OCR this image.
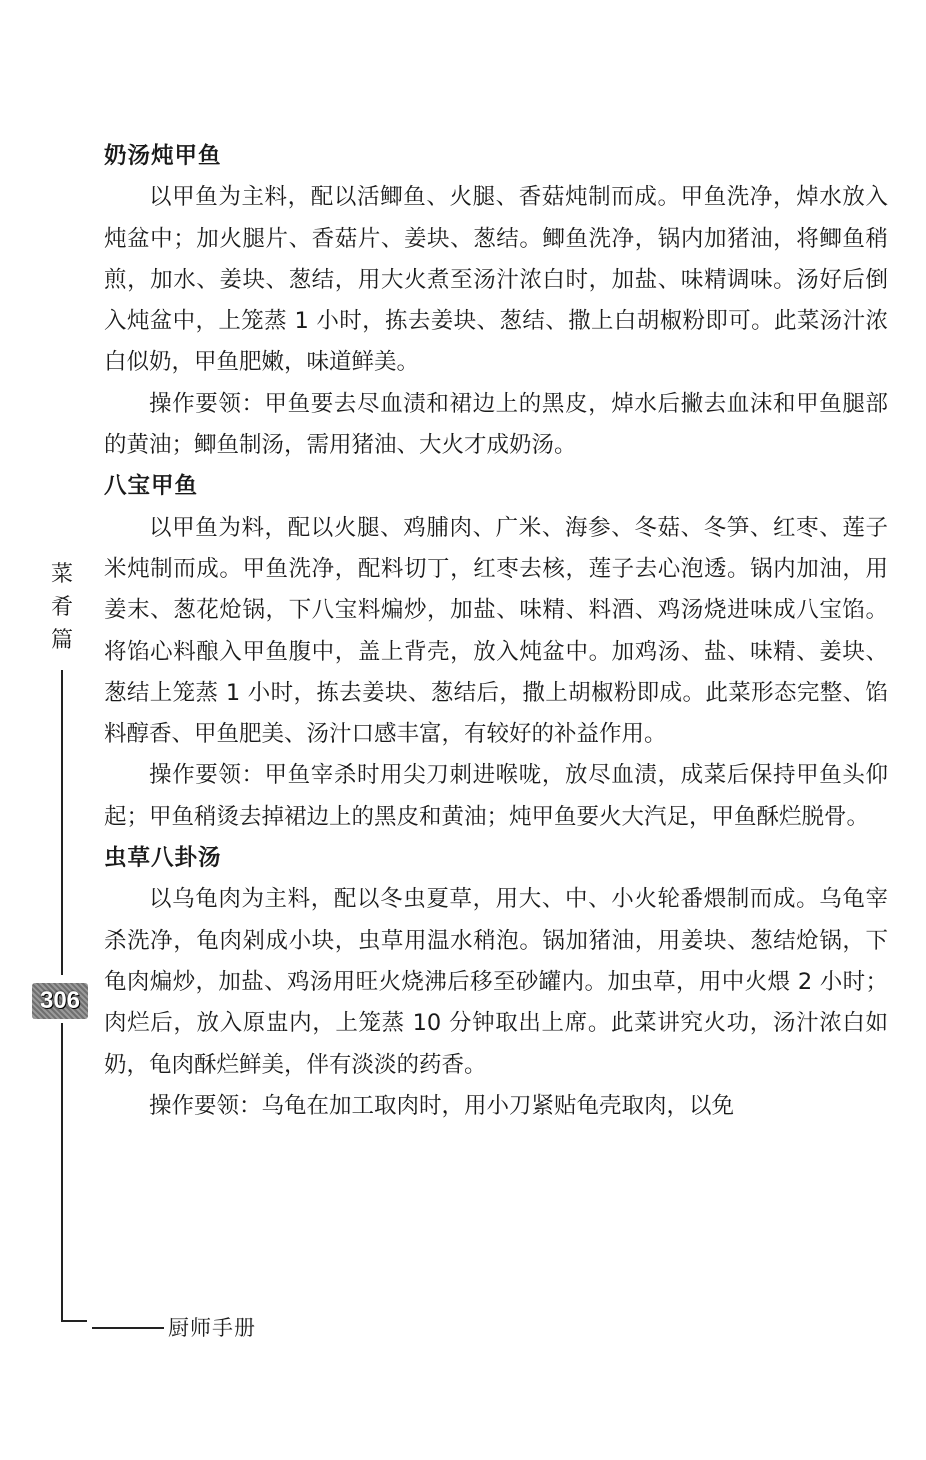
奶汤炖甲鱼

以甲鱼为主料，配以活鲫鱼、火腿、香菇炖制而成。甲鱼洗净，焯水放入炖盆中；加火腿片、香菇片、姜块、葱结。鲫鱼洗净，锅内加猪油，将鲫鱼稍煎，加水、姜块、葱结，用大火煮至汤汁浓白时，加盐、味精调味。汤好后倒入炖盆中，上笼蒸 1 小时，拣去姜块、葱结、撒上白胡椒粉即可。此菜汤汁浓白似奶，甲鱼肥嫩，味道鲜美。

操作要领：甲鱼要去尽血渍和裙边上的黑皮，焯水后撇去血沫和甲鱼腿部的黄油；鲫鱼制汤，需用猪油、大火才成奶汤。

八宝甲鱼

以甲鱼为料，配以火腿、鸡脯肉、广米、海参、冬菇、冬笋、红枣、莲子米炖制而成。甲鱼洗净，配料切丁，红枣去核，莲子去心泡透。锅内加油，用姜末、葱花炝锅，下八宝料煸炒，加盐、味精、料酒、鸡汤烧进味成八宝馅。将馅心料酿入甲鱼腹中，盖上背壳，放入炖盆中。加鸡汤、盐、味精、姜块、葱结上笼蒸 1 小时，拣去姜块、葱结后，撒上胡椒粉即成。此菜形态完整、馅料醇香、甲鱼肥美、汤汁口感丰富，有较好的补益作用。

操作要领：甲鱼宰杀时用尖刀刺进喉咙，放尽血渍，成菜后保持甲鱼头仰起；甲鱼稍烫去掉裙边上的黑皮和黄油；炖甲鱼要火大汽足，甲鱼酥烂脱骨。

虫草八卦汤

以乌龟肉为主料，配以冬虫夏草，用大、中、小火轮番煨制而成。乌龟宰杀洗净，龟肉剁成小块，虫草用温水稍泡。锅加猪油，用姜块、葱结炝锅，下龟肉煸炒，加盐、鸡汤用旺火烧沸后移至砂罐内。加虫草，用中火煨 2 小时；肉烂后，放入原盅内，上笼蒸 10 分钟取出上席。此菜讲究火功，汤汁浓白如奶，龟肉酥烂鲜美，伴有淡淡的药香。

操作要领：乌龟在加工取肉时，用小刀紧贴龟壳取肉，以免

菜
肴
篇
306
厨师手册
